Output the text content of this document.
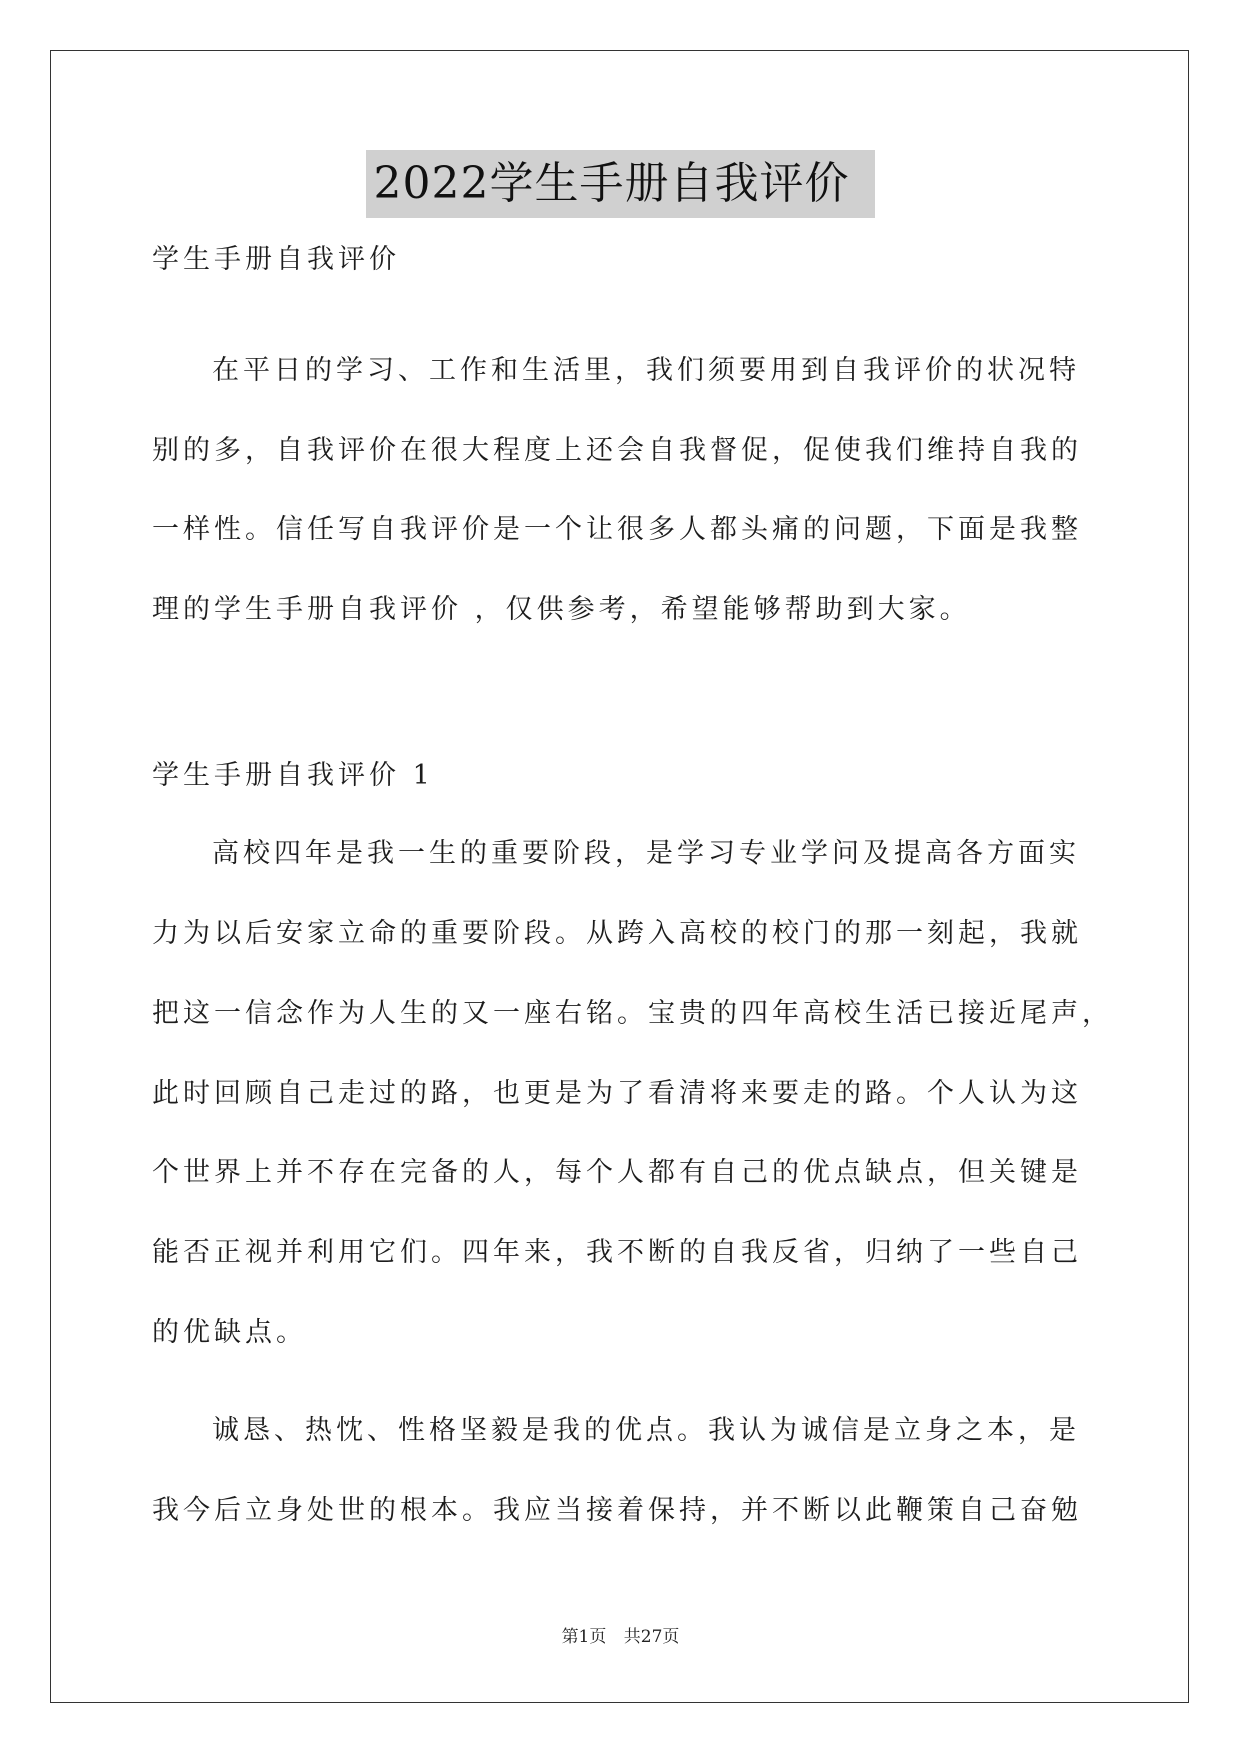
2022学生手册自我评价
学生手册自我评价
在平日的学习、工作和生活里，我们须要用到自我评价的状况特
别的多，自我评价在很大程度上还会自我督促，促使我们维持自我的
一样性。信任写自我评价是一个让很多人都头痛的问题，下面是我整
理的学生手册自我评价 ，仅供参考，希望能够帮助到大家。
学生手册自我评价 1
高校四年是我一生的重要阶段，是学习专业学问及提高各方面实
力为以后安家立命的重要阶段。从跨入高校的校门的那一刻起，我就
把这一信念作为人生的又一座右铭。宝贵的四年高校生活已接近尾声，
此时回顾自己走过的路，也更是为了看清将来要走的路。个人认为这
个世界上并不存在完备的人，每个人都有自己的优点缺点，但关键是
能否正视并利用它们。四年来，我不断的自我反省，归纳了一些自己
的优缺点。
诚恳、热忱、性格坚毅是我的优点。我认为诚信是立身之本，是
我今后立身处世的根本。我应当接着保持，并不断以此鞭策自己奋勉
第1页 共27页
